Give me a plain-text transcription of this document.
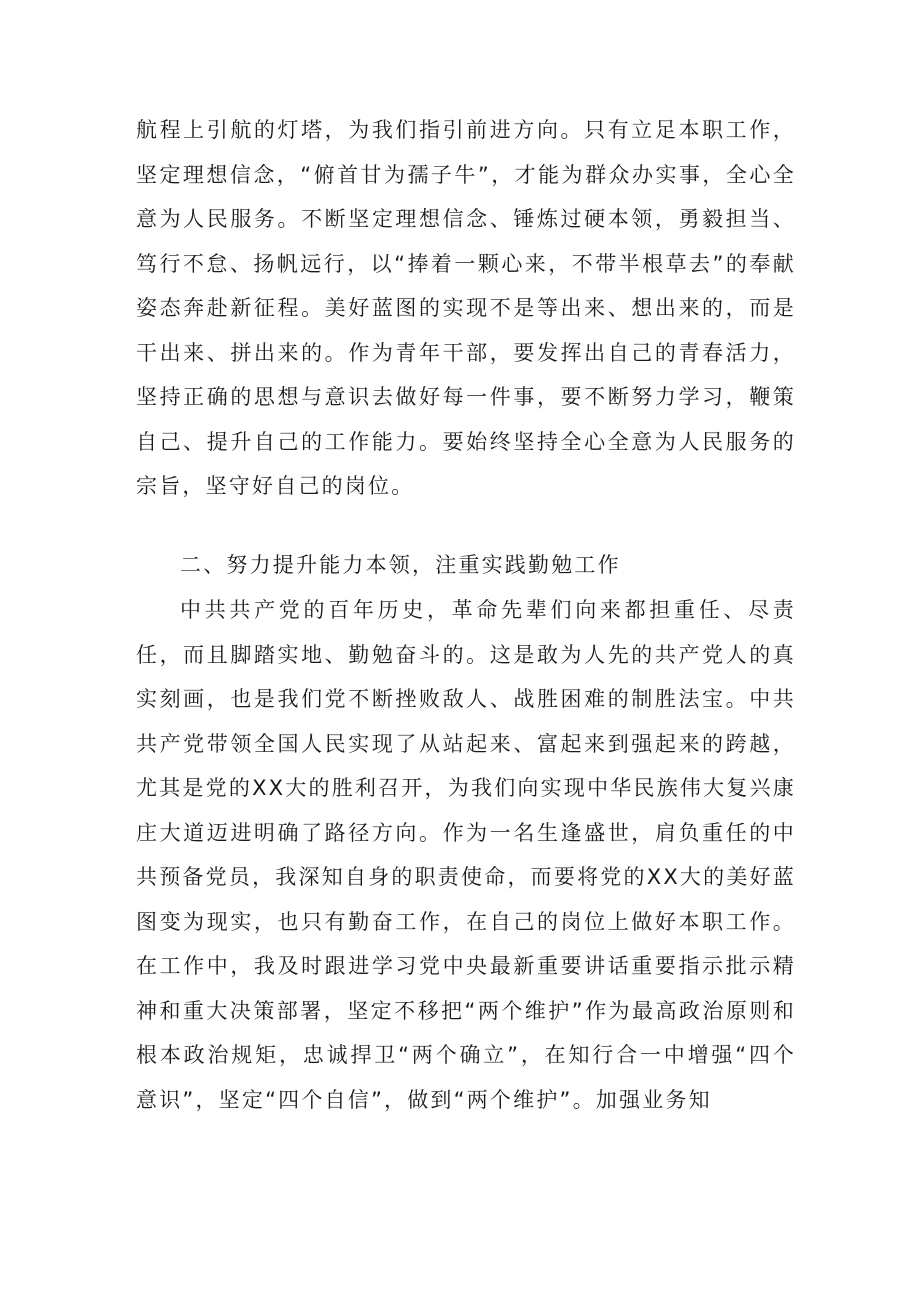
航程上引航的灯塔，为我们指引前进方向。只有立足本职工作，坚定理想信念，“俯首甘为孺子牛”，才能为群众办实事，全心全意为人民服务。不断坚定理想信念、锤炼过硬本领，勇毅担当、笃行不怠、扬帆远行，以“捧着一颗心来，不带半根草去”的奉献姿态奔赴新征程。美好蓝图的实现不是等出来、想出来的，而是干出来、拼出来的。作为青年干部，要发挥出自己的青春活力，坚持正确的思想与意识去做好每一件事，要不断努力学习，鞭策自己、提升自己的工作能力。要始终坚持全心全意为人民服务的宗旨，坚守好自己的岗位。

二、努力提升能力本领，注重实践勤勉工作

中共共产党的百年历史，革命先辈们向来都担重任、尽责任，而且脚踏实地、勤勉奋斗的。这是敢为人先的共产党人的真实刻画，也是我们党不断挫败敌人、战胜困难的制胜法宝。中共共产党带领全国人民实现了从站起来、富起来到强起来的跨越，尤其是党的XX大的胜利召开，为我们向实现中华民族伟大复兴康庄大道迈进明确了路径方向。作为一名生逢盛世，肩负重任的中共预备党员，我深知自身的职责使命，而要将党的XX大的美好蓝图变为现实，也只有勤奋工作，在自己的岗位上做好本职工作。在工作中，我及时跟进学习党中央最新重要讲话重要指示批示精神和重大决策部署，坚定不移把“两个维护”作为最高政治原则和根本政治规矩，忠诚捍卫“两个确立”，在知行合一中增强“四个意识”，坚定“四个自信”，做到“两个维护”。加强业务知
